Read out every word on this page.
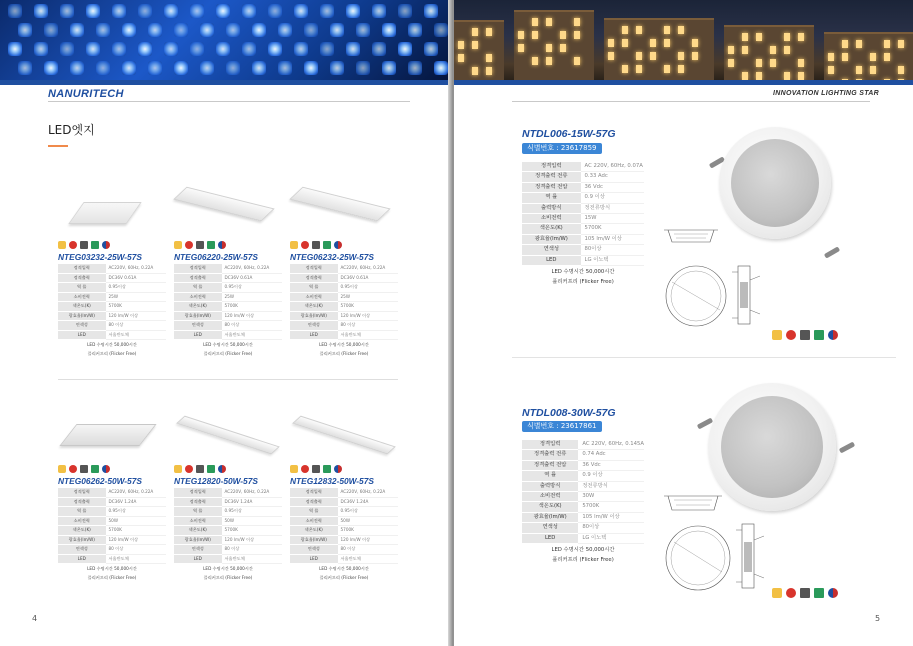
NANURITECH
LED엣지
NTEG03232-25W-57S
정격입력	AC220V, 60Hz, 0.22A
정격출력	DC36V 0.61A
역 률	0.95이상
소비전력	25W
색온도(K)	5700K
광효율(lm/W)	120 lm/W 이상
연색성	80 이상
LED	서울반도체
LED 수명시간 50,000시간
플리커프리 (Flicker Free)
NTEG06220-25W-57S
정격입력	AC220V, 60Hz, 0.22A
정격출력	DC36V 0.61A
역 률	0.95이상
소비전력	25W
색온도(K)	5700K
광효율(lm/W)	120 lm/W 이상
연색성	80 이상
LED	서울반도체
LED 수명시간 50,000시간
플리커프리 (Flicker Free)
NTEG06232-25W-57S
정격입력	AC220V, 60Hz, 0.22A
정격출력	DC36V 0.61A
역 률	0.95이상
소비전력	25W
색온도(K)	5700K
광효율(lm/W)	120 lm/W 이상
연색성	80 이상
LED	서울반도체
LED 수명시간 50,000시간
플리커프리 (Flicker Free)
NTEG06262-50W-57S
정격입력	AC220V, 60Hz, 0.22A
정격출력	DC36V 1.24A
역 률	0.95이상
소비전력	50W
색온도(K)	5700K
광효율(lm/W)	120 lm/W 이상
연색성	80 이상
LED	서울반도체
LED 수명시간 50,000시간
플리커프리 (Flicker Free)
NTEG12820-50W-57S
정격입력	AC220V, 60Hz, 0.22A
정격출력	DC36V 1.24A
역 률	0.95이상
소비전력	50W
색온도(K)	5700K
광효율(lm/W)	120 lm/W 이상
연색성	80 이상
LED	서울반도체
LED 수명시간 50,000시간
플리커프리 (Flicker Free)
NTEG12832-50W-57S
정격입력	AC220V, 60Hz, 0.22A
정격출력	DC36V 1.24A
역 률	0.95이상
소비전력	50W
색온도(K)	5700K
광효율(lm/W)	120 lm/W 이상
연색성	80 이상
LED	서울반도체
LED 수명시간 50,000시간
플리커프리 (Flicker Free)
4
INNOVATION LIGHTING STAR
NTDL006-15W-57G
식별번호 : 23617859
정격입력	AC 220V, 60Hz, 0.07A
정격출력 전류	0.33 Adc
정격출력 전압	36 Vdc
역 률	0.9 이상
출력방식	정전류방식
소비전력	15W
색온도(K)	5700K
광효율(lm/W)	105 lm/W 이상
연색성	80이상
LED	LG 이노텍
LED 수명시간 50,000시간
플리커프리 (Flicker Free)
NTDL008-30W-57G
식별번호 : 23617861
정격입력	AC 220V, 60Hz, 0.145A
정격출력 전류	0.74 Adc
정격출력 전압	36 Vdc
역 률	0.9 이상
출력방식	정전류방식
소비전력	30W
색온도(K)	5700K
광효율(lm/W)	105 lm/W 이상
연색성	80이상
LED	LG 이노텍
LED 수명시간 50,000시간
플리커프리 (Flicker Free)
5
